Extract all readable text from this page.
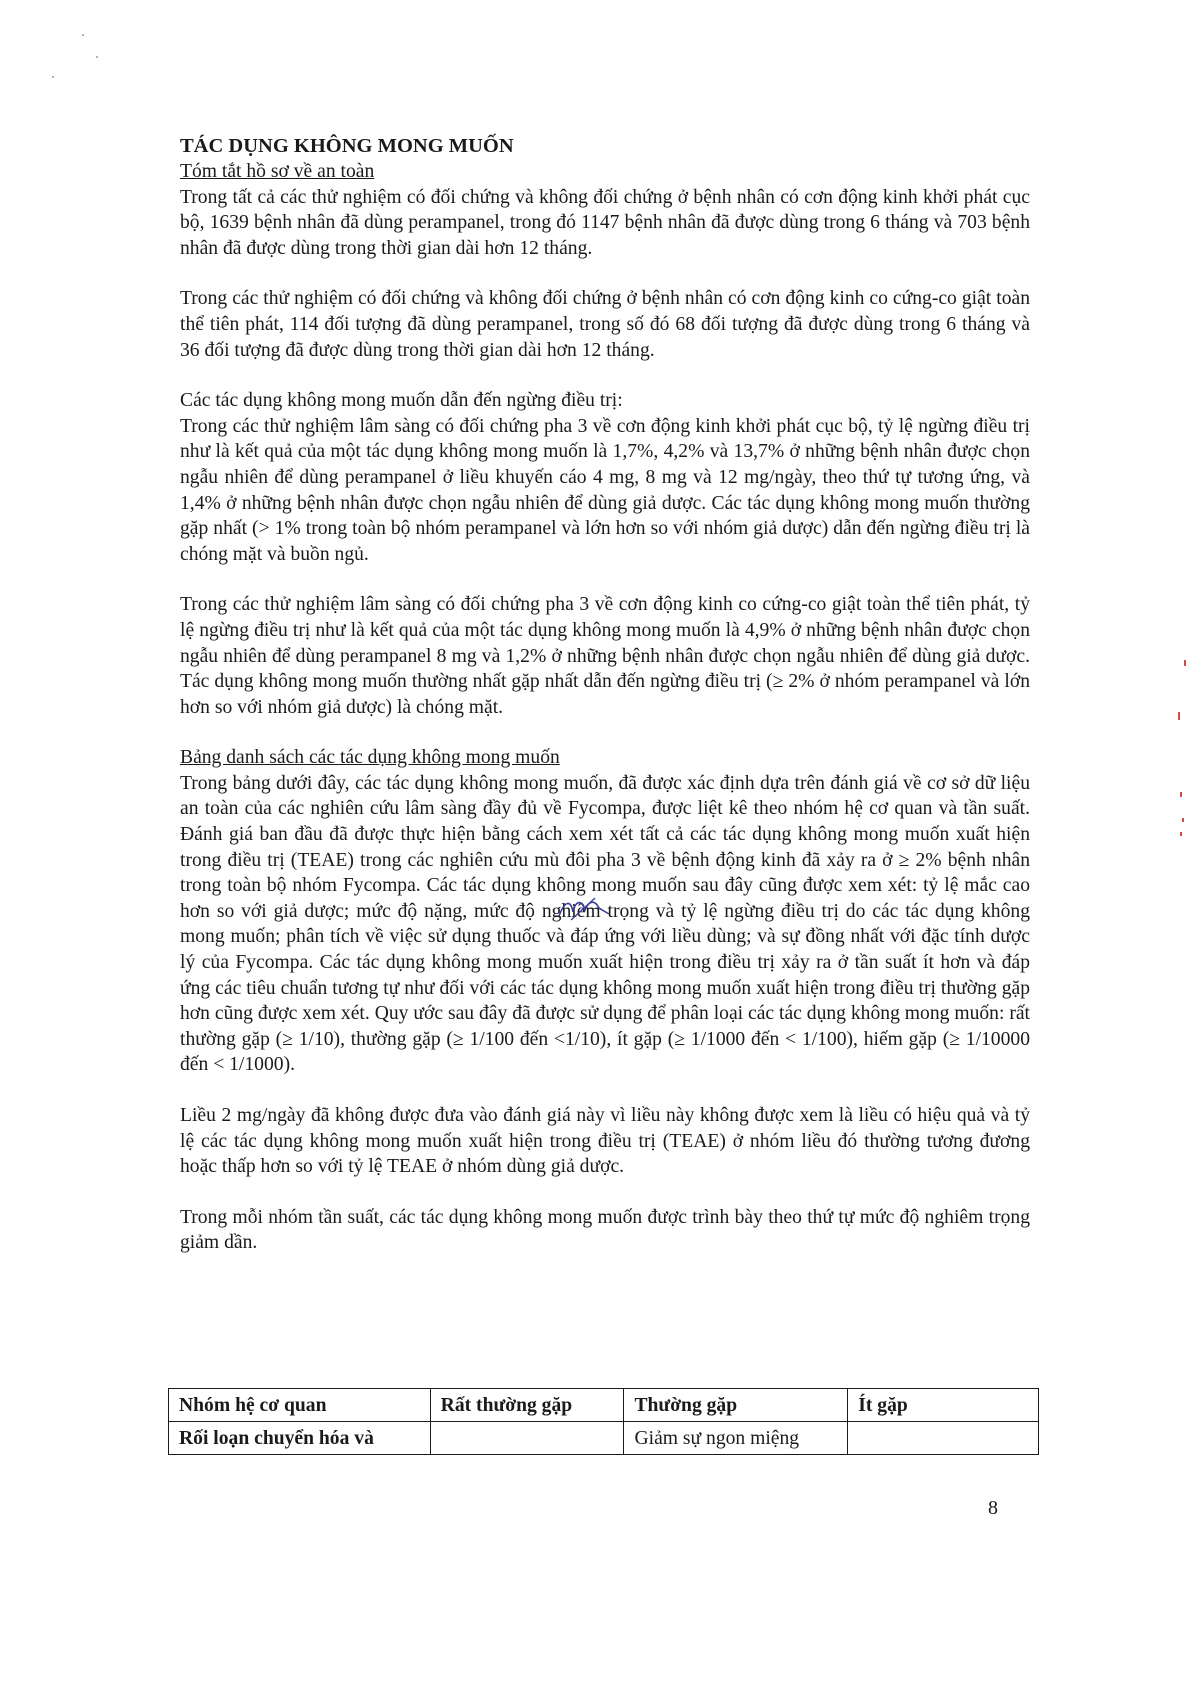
TÁC DỤNG KHÔNG MONG MUỐN

Tóm tắt hồ sơ về an toàn

Trong tất cả các thử nghiệm có đối chứng và không đối chứng ở bệnh nhân có cơn động kinh khởi phát cục bộ, 1639 bệnh nhân đã dùng perampanel, trong đó 1147 bệnh nhân đã được dùng trong 6 tháng và 703 bệnh nhân đã được dùng trong thời gian dài hơn 12 tháng.

Trong các thử nghiệm có đối chứng và không đối chứng ở bệnh nhân có cơn động kinh co cứng-co giật toàn thể tiên phát, 114 đối tượng đã dùng perampanel, trong số đó 68 đối tượng đã được dùng trong 6 tháng và 36 đối tượng đã được dùng trong thời gian dài hơn 12 tháng.

Các tác dụng không mong muốn dẫn đến ngừng điều trị:

Trong các thử nghiệm lâm sàng có đối chứng pha 3 về cơn động kinh khởi phát cục bộ, tỷ lệ ngừng điều trị như là kết quả của một tác dụng không mong muốn là 1,7%, 4,2% và 13,7% ở những bệnh nhân được chọn ngẫu nhiên để dùng perampanel ở liều khuyến cáo 4 mg, 8 mg và 12 mg/ngày, theo thứ tự tương ứng, và 1,4% ở những bệnh nhân được chọn ngẫu nhiên để dùng giả dược. Các tác dụng không mong muốn thường gặp nhất (> 1% trong toàn bộ nhóm perampanel và lớn hơn so với nhóm giả dược) dẫn đến ngừng điều trị là chóng mặt và buồn ngủ.

Trong các thử nghiệm lâm sàng có đối chứng pha 3 về cơn động kinh co cứng-co giật toàn thể tiên phát, tỷ lệ ngừng điều trị như là kết quả của một tác dụng không mong muốn là 4,9% ở những bệnh nhân được chọn ngẫu nhiên để dùng perampanel 8 mg và 1,2% ở những bệnh nhân được chọn ngẫu nhiên để dùng giả dược. Tác dụng không mong muốn thường nhất gặp nhất dẫn đến ngừng điều trị (≥ 2% ở nhóm perampanel và lớn hơn so với nhóm giả dược) là chóng mặt.

Bảng danh sách các tác dụng không mong muốn

Trong bảng dưới đây, các tác dụng không mong muốn, đã được xác định dựa trên đánh giá về cơ sở dữ liệu an toàn của các nghiên cứu lâm sàng đầy đủ về Fycompa, được liệt kê theo nhóm hệ cơ quan và tần suất. Đánh giá ban đầu đã được thực hiện bằng cách xem xét tất cả các tác dụng không mong muốn xuất hiện trong điều trị (TEAE) trong các nghiên cứu mù đôi pha 3 về bệnh động kinh đã xảy ra ở ≥ 2% bệnh nhân trong toàn bộ nhóm Fycompa. Các tác dụng không mong muốn sau đây cũng được xem xét: tỷ lệ mắc cao hơn so với giả dược; mức độ nặng, mức độ nghiêm trọng và tỷ lệ ngừng điều trị do các tác dụng không mong muốn; phân tích về việc sử dụng thuốc và đáp ứng với liều dùng; và sự đồng nhất với đặc tính dược lý của Fycompa. Các tác dụng không mong muốn xuất hiện trong điều trị xảy ra ở tần suất ít hơn và đáp ứng các tiêu chuẩn tương tự như đối với các tác dụng không mong muốn xuất hiện trong điều trị thường gặp hơn cũng được xem xét. Quy ước sau đây đã được sử dụng để phân loại các tác dụng không mong muốn: rất thường gặp (≥ 1/10), thường gặp (≥ 1/100 đến <1/10), ít gặp (≥ 1/1000 đến < 1/100), hiếm gặp (≥ 1/10000 đến < 1/1000).

Liều 2 mg/ngày đã không được đưa vào đánh giá này vì liều này không được xem là liều có hiệu quả và tỷ lệ các tác dụng không mong muốn xuất hiện trong điều trị (TEAE) ở nhóm liều đó thường tương đương hoặc thấp hơn so với tỷ lệ TEAE ở nhóm dùng giả dược.

Trong mỗi nhóm tần suất, các tác dụng không mong muốn được trình bày theo thứ tự mức độ nghiêm trọng giảm dần.

Nhóm hệ cơ quan	Rất thường gặp	Thường gặp	Ít gặp
Rối loạn chuyển hóa và		Giảm sự ngon miệng	
8
